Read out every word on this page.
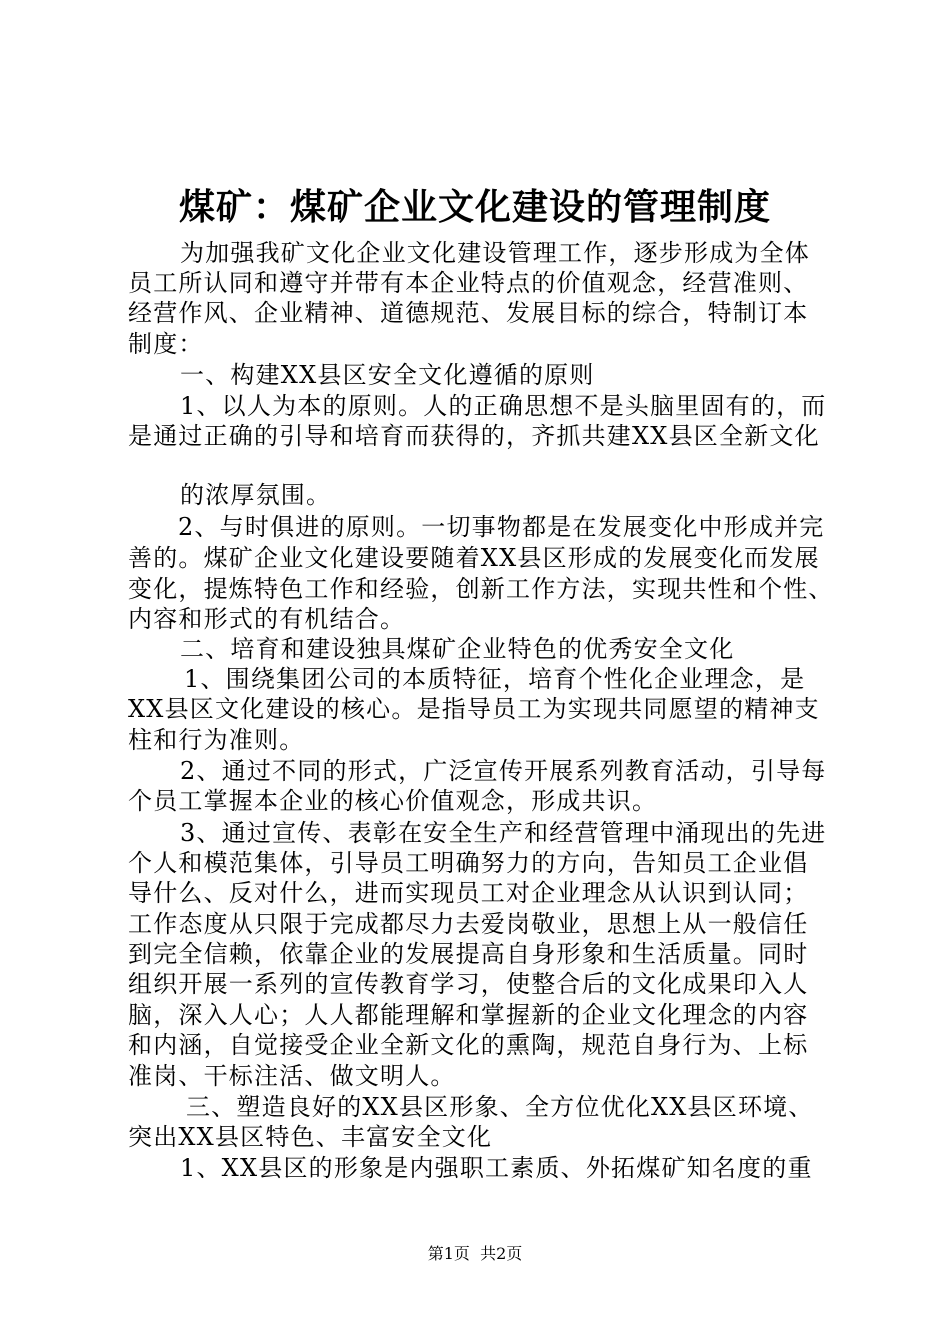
煤矿：煤矿企业文化建设的管理制度
为加强我矿文化企业文化建设管理工作，逐步形成为全体
员工所认同和遵守并带有本企业特点的价值观念，经营准则、
经营作风、企业精神、道德规范、发展目标的综合，特制订本
制度：
一、构建XX县区安全文化遵循的原则
1、以人为本的原则。人的正确思想不是头脑里固有的，而
是通过正确的引导和培育而获得的，齐抓共建XX县区全新文化
的浓厚氛围。
2、与时俱进的原则。一切事物都是在发展变化中形成并完
善的。煤矿企业文化建设要随着XX县区形成的发展变化而发展
变化，提炼特色工作和经验，创新工作方法，实现共性和个性、
内容和形式的有机结合。
二、培育和建设独具煤矿企业特色的优秀安全文化
1、围绕集团公司的本质特征，培育个性化企业理念，是
XX县区文化建设的核心。是指导员工为实现共同愿望的精神支
柱和行为准则。
2、通过不同的形式，广泛宣传开展系列教育活动，引导每
个员工掌握本企业的核心价值观念，形成共识。
3、通过宣传、表彰在安全生产和经营管理中涌现出的先进
个人和模范集体，引导员工明确努力的方向，告知员工企业倡
导什么、反对什么，进而实现员工对企业理念从认识到认同；
工作态度从只限于完成都尽力去爱岗敬业，思想上从一般信任
到完全信赖，依靠企业的发展提高自身形象和生活质量。同时
组织开展一系列的宣传教育学习，使整合后的文化成果印入人
脑，深入人心；人人都能理解和掌握新的企业文化理念的内容
和内涵，自觉接受企业全新文化的熏陶，规范自身行为、上标
准岗、干标注活、做文明人。
三、塑造良好的XX县区形象、全方位优化XX县区环境、
突出XX县区特色、丰富安全文化
1、XX县区的形象是内强职工素质、外拓煤矿知名度的重
第1页  共2页
